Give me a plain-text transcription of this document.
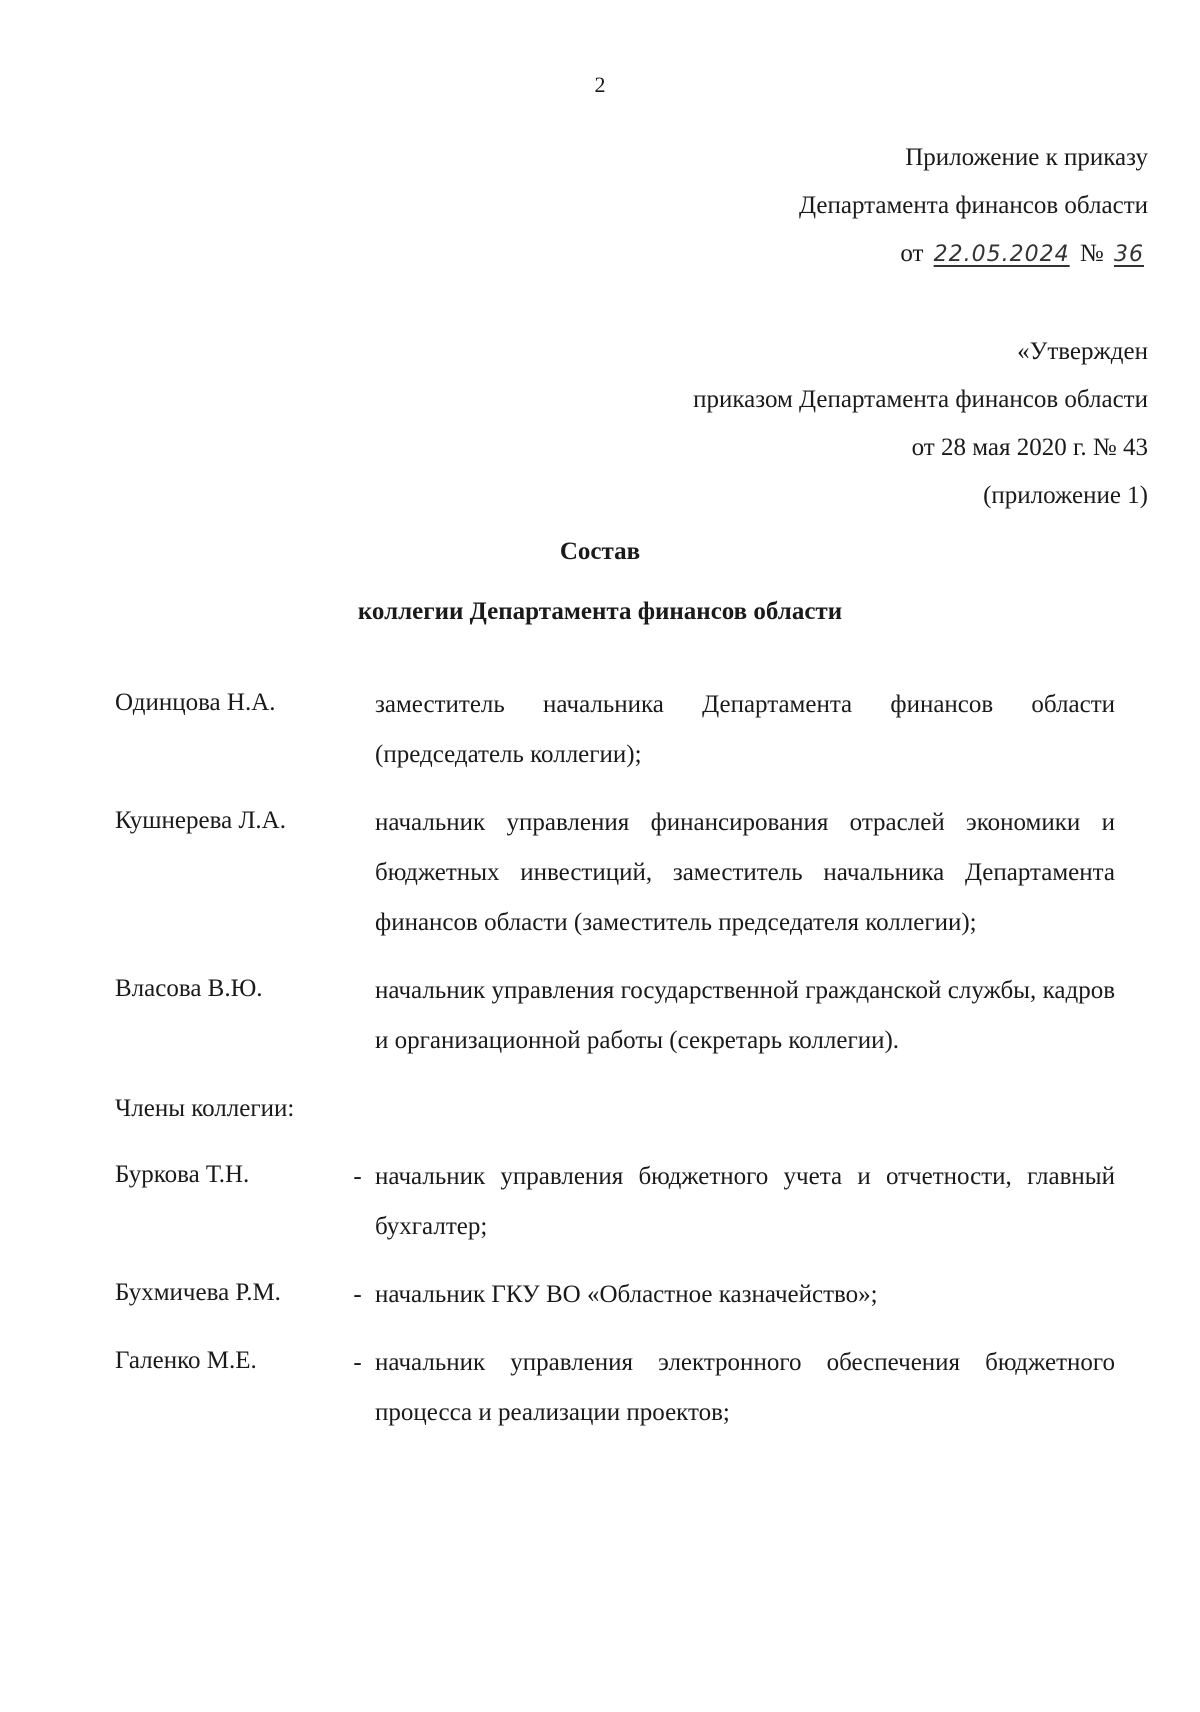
2
Приложение к приказу
Департамента финансов области
от 22.05.2024 № 36
«Утвержден
приказом Департамента финансов области
от 28 мая 2020 г. № 43
(приложение 1)
Состав
коллегии Департамента финансов области
Одинцова Н.А.	заместитель начальника Департамента финансов области (председатель коллегии);
Кушнерева Л.А.	начальник управления финансирования отраслей экономики и бюджетных инвестиций, заместитель начальника Департамента финансов области (заместитель председателя коллегии);
Власова В.Ю.	начальник управления государственной гражданской службы, кадров и организационной работы (секретарь коллегии).
Члены коллегии:
Буркова Т.Н.	- начальник управления бюджетного учета и отчетности, главный бухгалтер;
Бухмичева Р.М.	- начальник ГКУ ВО «Областное казначейство»;
Галенко М.Е.	- начальник управления электронного обеспечения бюджетного процесса и реализации проектов;
